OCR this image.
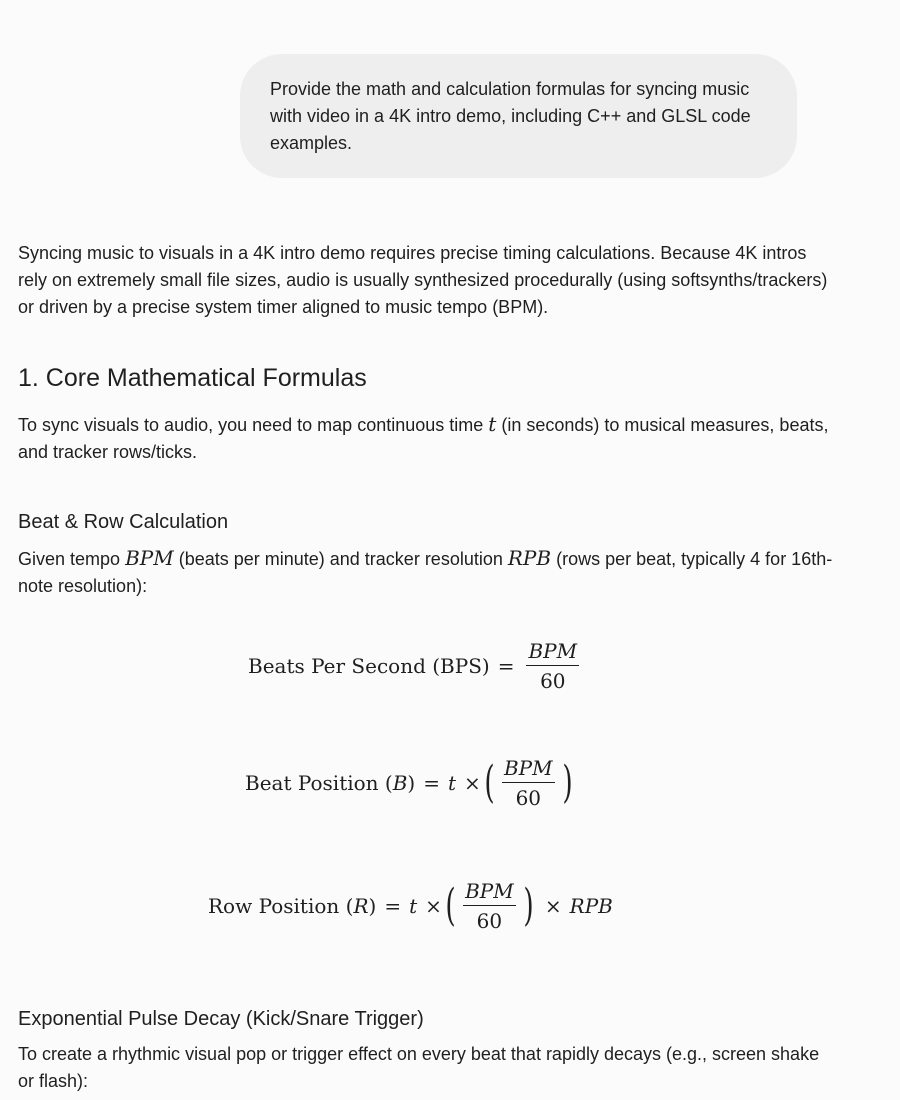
Provide the math and calculation formulas for syncing music with video in a 4K intro demo, including C++ and GLSL code examples.

Syncing music to visuals in a 4K intro demo requires precise timing calculations. Because 4K intros rely on extremely small file sizes, audio is usually synthesized procedurally (using softsynths/trackers) or driven by a precise system timer aligned to music tempo (BPM).

1. Core Mathematical Formulas

To sync visuals to audio, you need to map continuous time t (in seconds) to musical measures, beats, and tracker rows/ticks.

Beat & Row Calculation

Given tempo BPM (beats per minute) and tracker resolution RPB (rows per beat, typically 4 for 16th-note resolution):

Beats Per Second $(BPS) = \frac{\text{BPM}}{60}$
Beat Position ( B ) = t × ( $\frac{\text{BPM}}{60}$ )
Row Position ( R ) = t × ( $\frac{\text{BPM}}{60}$ ) × RPB
Exponential Pulse Decay (Kick/Snare Trigger)

To create a rhythmic visual pop or trigger effect on every beat that rapidly decays (e.g., screen shake or flash):
